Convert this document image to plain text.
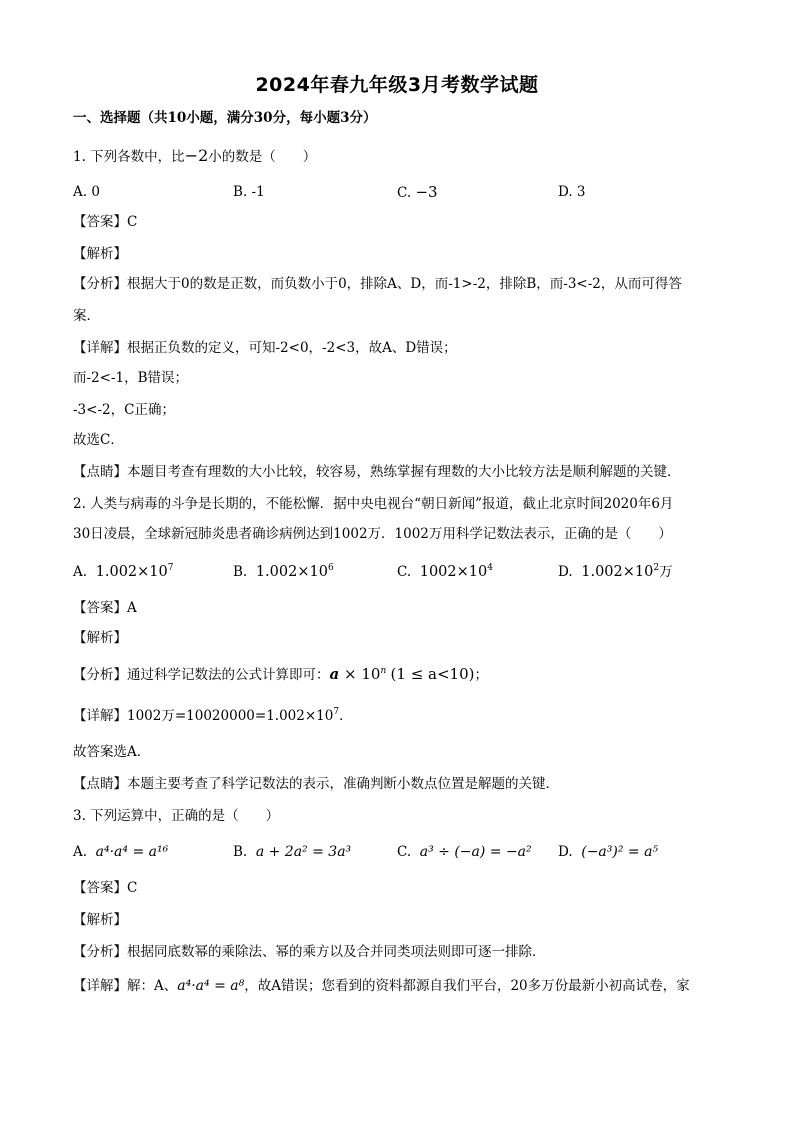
2024年春九年级3月考数学试题
一、选择题（共10小题，满分30分，每小题3分）
1. 下列各数中，比−2小的数是（　　）
A. 0	B. -1	C. −3	D. 3
【答案】C
【解析】
【分析】根据大于0的数是正数，而负数小于0，排除A、D，而-1>-2，排除B，而-3<-2，从而可得答
案．
【详解】根据正负数的定义，可知-2<0，-2<3，故A、D错误；
而-2<-1，B错误；
-3<-2，C正确；
故选C．
【点睛】本题目考查有理数的大小比较，较容易，熟练掌握有理数的大小比较方法是顺利解题的关键．
2. 人类与病毒的斗争是长期的，不能松懈．据中央电视台“朝日新闻”报道，截止北京时间2020年6月
30日凌晨，全球新冠肺炎患者确诊病例达到1002万．1002万用科学记数法表示，正确的是（　　）
A. $1.002\times 10^7$	B. $1.002\times 10^6$	C. $1002\times 10^4$	D. $1.002\times 10^2$万
【答案】A
【解析】
【分析】通过科学记数法的公式计算即可：$a \times 10^n$ (1 ≤ a<10)；
【详解】1002万$=10020000=1.002\times 10^7$．
故答案选A．
【点睛】本题主要考查了科学记数法的表示，准确判断小数点位置是解题的关键．
3. 下列运算中，正确的是（　　）
A. a⁴·a⁴ = a¹⁶	B. a + 2a² = 3a³	C. a³ ÷ (−a) = −a² D. (−a³)² = a⁵
【答案】C
【解析】
【分析】根据同底数幂的乘除法、幂的乘方以及合并同类项法则即可逐一排除．
【详解】解：A、a⁴·a⁴ = a⁸，故A错误；您看到的资料都源自我们平台，20多万份最新小初高试卷，家
